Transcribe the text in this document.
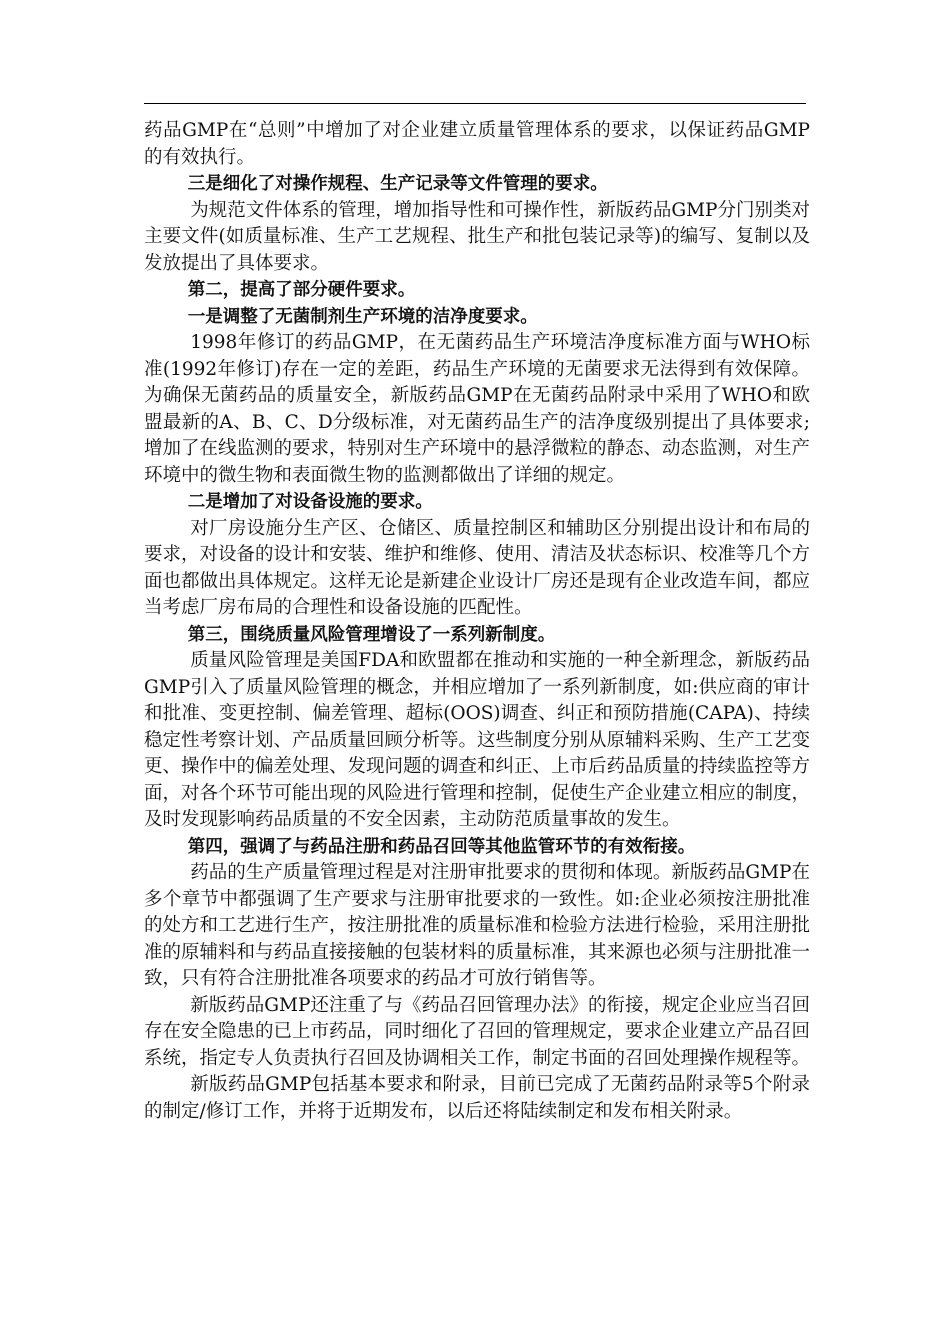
药品GMP在“总则”中增加了对企业建立质量管理体系的要求，以保证药品GMP的有效执行。

三是细化了对操作规程、生产记录等文件管理的要求。

为规范文件体系的管理，增加指导性和可操作性，新版药品GMP分门别类对主要文件(如质量标准、生产工艺规程、批生产和批包装记录等)的编写、复制以及发放提出了具体要求。

第二，提高了部分硬件要求。

一是调整了无菌制剂生产环境的洁净度要求。

1998年修订的药品GMP，在无菌药品生产环境洁净度标准方面与WHO标准(1992年修订)存在一定的差距，药品生产环境的无菌要求无法得到有效保障。为确保无菌药品的质量安全，新版药品GMP在无菌药品附录中采用了WHO和欧盟最新的A、B、C、D分级标准，对无菌药品生产的洁净度级别提出了具体要求;增加了在线监测的要求，特别对生产环境中的悬浮微粒的静态、动态监测，对生产环境中的微生物和表面微生物的监测都做出了详细的规定。

二是增加了对设备设施的要求。

对厂房设施分生产区、仓储区、质量控制区和辅助区分别提出设计和布局的要求，对设备的设计和安装、维护和维修、使用、清洁及状态标识、校准等几个方面也都做出具体规定。这样无论是新建企业设计厂房还是现有企业改造车间，都应当考虑厂房布局的合理性和设备设施的匹配性。

第三，围绕质量风险管理增设了一系列新制度。

质量风险管理是美国FDA和欧盟都在推动和实施的一种全新理念，新版药品GMP引入了质量风险管理的概念，并相应增加了一系列新制度，如:供应商的审计和批准、变更控制、偏差管理、超标(OOS)调查、纠正和预防措施(CAPA)、持续稳定性考察计划、产品质量回顾分析等。这些制度分别从原辅料采购、生产工艺变更、操作中的偏差处理、发现问题的调查和纠正、上市后药品质量的持续监控等方面，对各个环节可能出现的风险进行管理和控制，促使生产企业建立相应的制度，及时发现影响药品质量的不安全因素，主动防范质量事故的发生。

第四，强调了与药品注册和药品召回等其他监管环节的有效衔接。

药品的生产质量管理过程是对注册审批要求的贯彻和体现。新版药品GMP在多个章节中都强调了生产要求与注册审批要求的一致性。如:企业必须按注册批准的处方和工艺进行生产，按注册批准的质量标准和检验方法进行检验，采用注册批准的原辅料和与药品直接接触的包装材料的质量标准，其来源也必须与注册批准一致，只有符合注册批准各项要求的药品才可放行销售等。

新版药品GMP还注重了与《药品召回管理办法》的衔接，规定企业应当召回存在安全隐患的已上市药品，同时细化了召回的管理规定，要求企业建立产品召回系统，指定专人负责执行召回及协调相关工作，制定书面的召回处理操作规程等。

新版药品GMP包括基本要求和附录，目前已完成了无菌药品附录等5个附录的制定/修订工作，并将于近期发布，以后还将陆续制定和发布相关附录。
